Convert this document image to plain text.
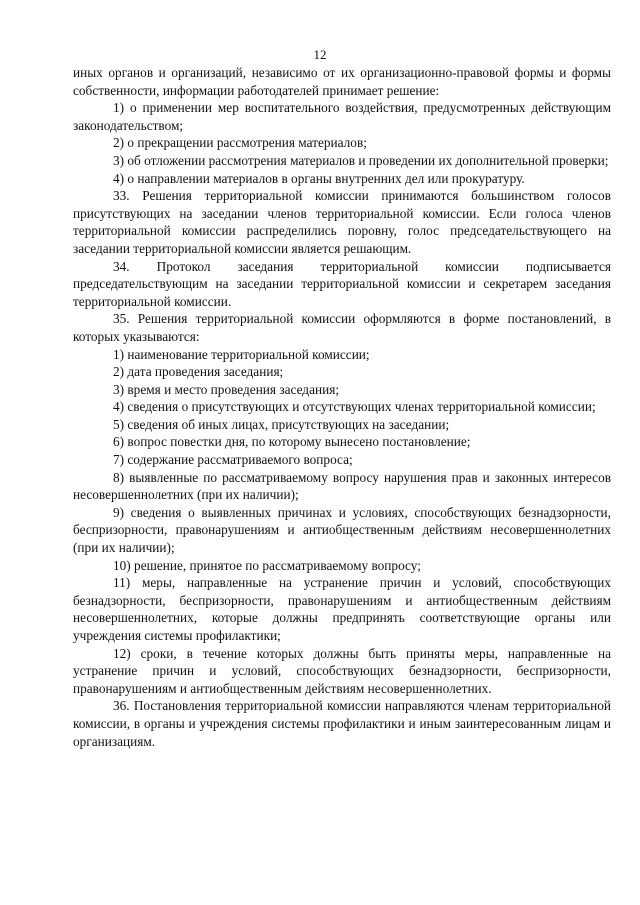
12

иных органов и организаций, независимо от их организационно-правовой формы и формы собственности, информации работодателей принимает решение:

1) о применении мер воспитательного воздействия, предусмотренных действующим законодательством;

2) о прекращении рассмотрения материалов;

3) об отложении рассмотрения материалов и проведении их дополнительной проверки;

4) о направлении материалов в органы внутренних дел или прокуратуру.

33. Решения территориальной комиссии принимаются большинством голосов присутствующих на заседании членов территориальной комиссии. Если голоса членов территориальной комиссии распределились поровну, голос председательствующего на заседании территориальной комиссии является решающим.

34. Протокол заседания территориальной комиссии подписывается председательствующим на заседании территориальной комиссии и секретарем заседания территориальной комиссии.

35. Решения территориальной комиссии оформляются в форме постановлений, в которых указываются:

1) наименование территориальной комиссии;

2) дата проведения заседания;

3) время и место проведения заседания;

4) сведения о присутствующих и отсутствующих членах территориальной комиссии;

5) сведения об иных лицах, присутствующих на заседании;

6) вопрос повестки дня, по которому вынесено постановление;

7) содержание рассматриваемого вопроса;

8) выявленные по рассматриваемому вопросу нарушения прав и законных интересов несовершеннолетних (при их наличии);

9) сведения о выявленных причинах и условиях, способствующих безнадзорности, беспризорности, правонарушениям и антиобщественным действиям несовершеннолетних (при их наличии);

10) решение, принятое по рассматриваемому вопросу;

11) меры, направленные на устранение причин и условий, способствующих безнадзорности, беспризорности, правонарушениям и антиобщественным действиям несовершеннолетних, которые должны предпринять соответствующие органы или учреждения системы профилактики;

12) сроки, в течение которых должны быть приняты меры, направленные на устранение причин и условий, способствующих безнадзорности, беспризорности, правонарушениям и антиобщественным действиям несовершеннолетних.

36. Постановления территориальной комиссии направляются членам территориальной комиссии, в органы и учреждения системы профилактики и иным заинтересованным лицам и организациям.
